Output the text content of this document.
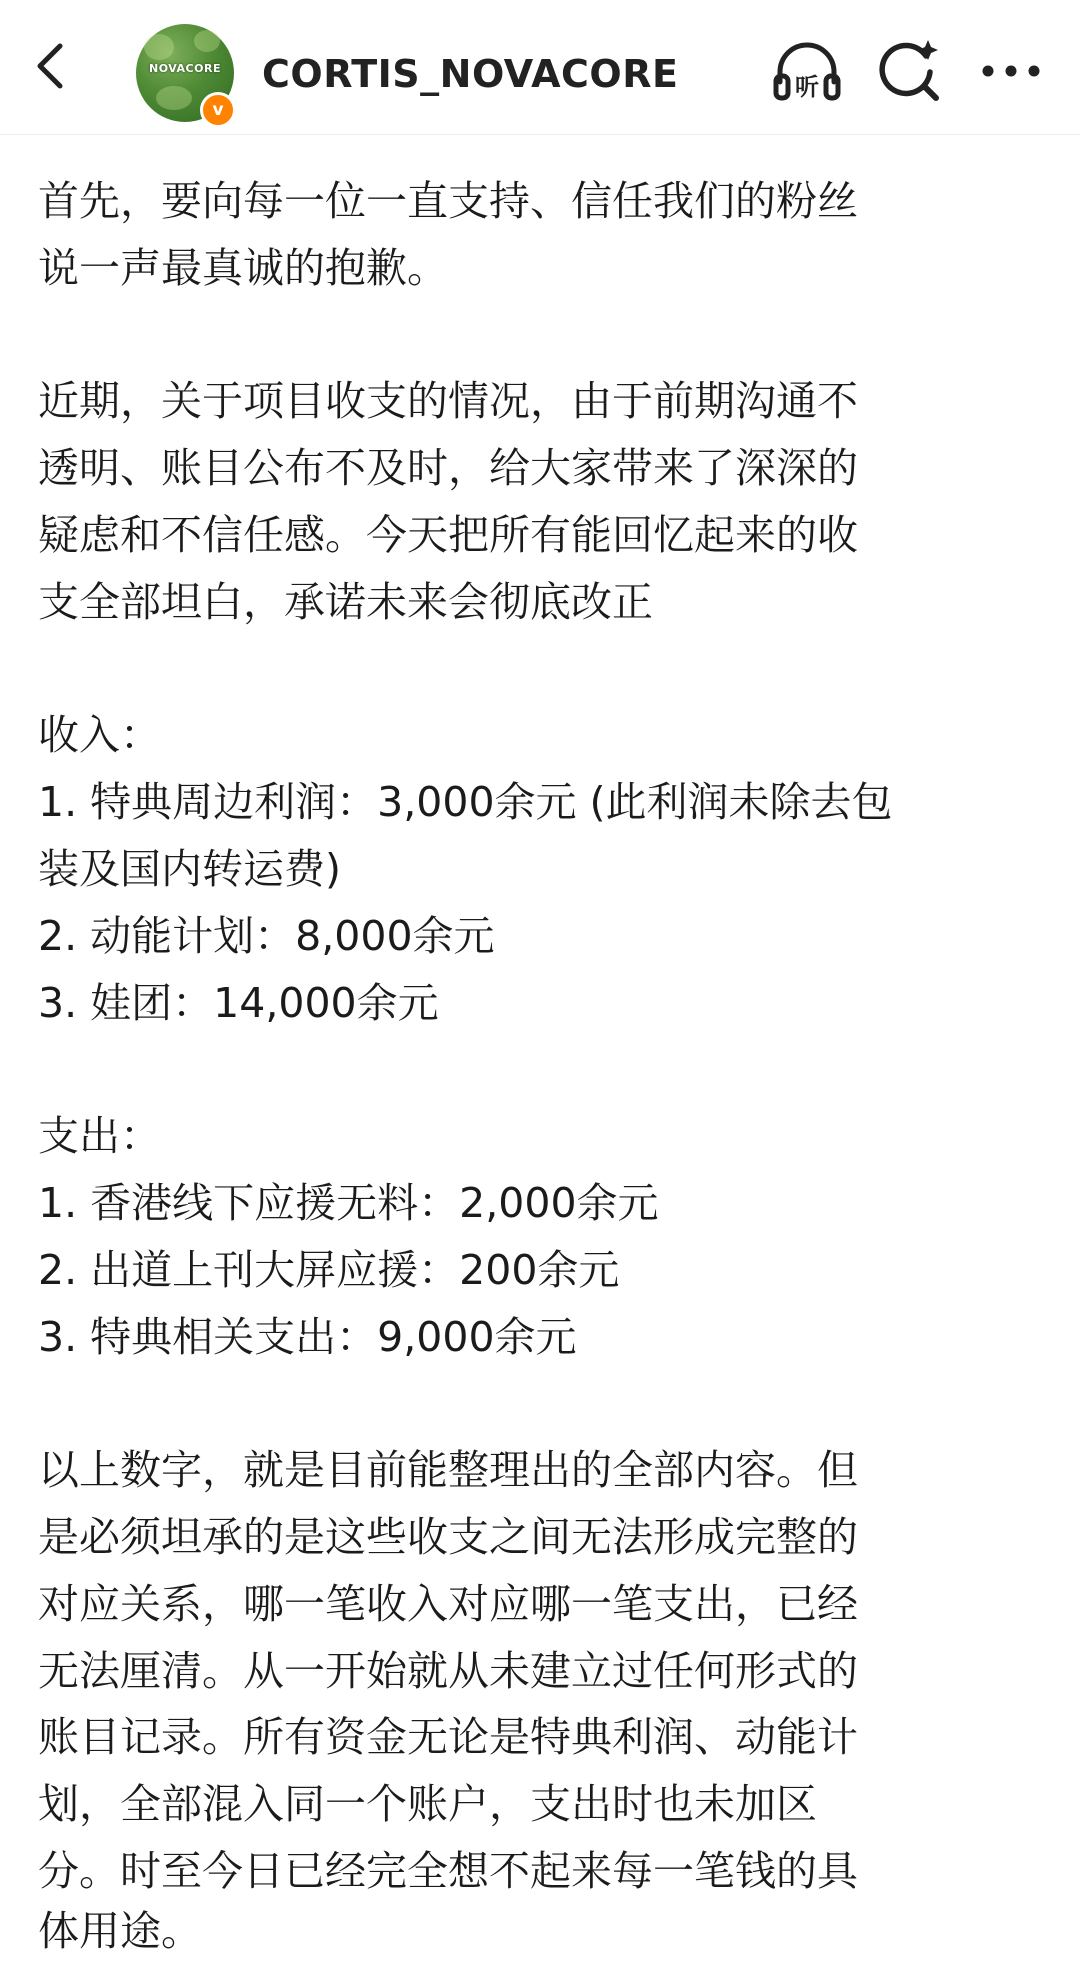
NOVACORE
v
CORTIS_NOVACORE	听
首先，要向每一位一直支持、信任我们的粉丝
说一声最真诚的抱歉。
近期，关于项目收支的情况，由于前期沟通不
透明、账目公布不及时，给大家带来了深深的
疑虑和不信任感。今天把所有能回忆起来的收
支全部坦白，承诺未来会彻底改正
收入：
1. 特典周边利润：3,000余元 (此利润未除去包
装及国内转运费)
2. 动能计划：8,000余元
3. 娃团：14,000余元
支出：
1. 香港线下应援无料：2,000余元
2. 出道上刊大屏应援：200余元
3. 特典相关支出：9,000余元
以上数字，就是目前能整理出的全部内容。但
是必须坦承的是这些收支之间无法形成完整的
对应关系，哪一笔收入对应哪一笔支出，已经
无法厘清。从一开始就从未建立过任何形式的
账目记录。所有资金无论是特典利润、动能计
划，全部混入同一个账户，支出时也未加区
分。时至今日已经完全想不起来每一笔钱的具
体用途。
